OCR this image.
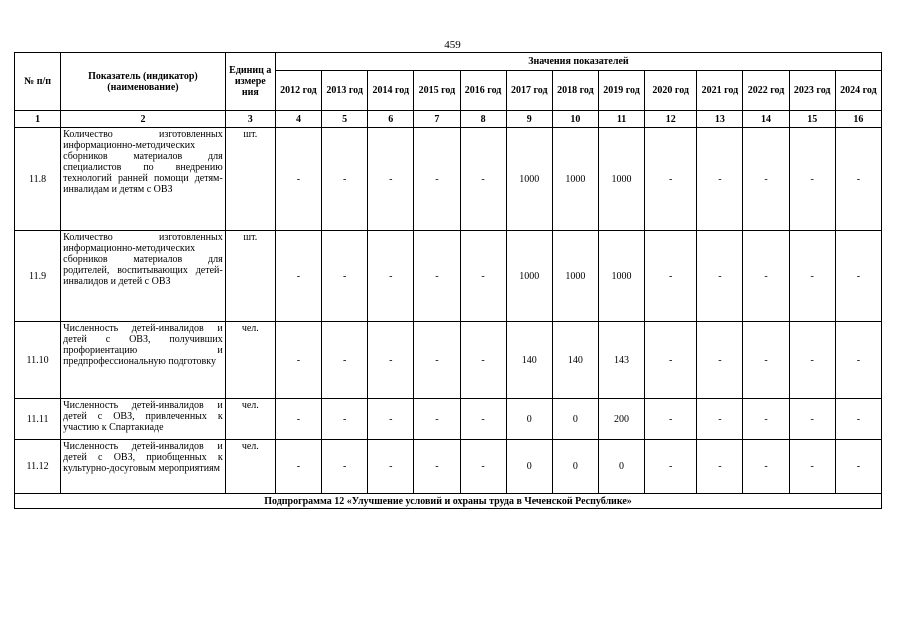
459
№ п/п	Показатель (индикатор) (наименование)	Единиц а измере ния	Значения показателей												
			2012 год	2013 год	2014 год	2015 год	2016 год	2017 год	2018 год	2019 год	2020 год	2021 год	2022 год	2023 год	2024 год
1	2	3	4	5	6	7	8	9	10	11	12	13	14	15	16
11.8	Количество изготовленных информационно-методических сборников материалов для специалистов по внедрению технологий ранней помощи детям-инвалидам и детям с ОВЗ	шт.	-	-	-	-	-	1000	1000	1000	-	-	-	-	-
11.9	Количество изготовленных информационно-методических сборников материалов для родителей, воспитывающих детей-инвалидов и детей с ОВЗ	шт.	-	-	-	-	-	1000	1000	1000	-	-	-	-	-
11.10	Численность детей-инвалидов и детей с ОВЗ, получивших профориентацию и предпрофессиональную подготовку	чел.	-	-	-	-	-	140	140	143	-	-	-	-	-
11.11	Численность детей-инвалидов и детей с ОВЗ, привлеченных к участию к Спартакиаде	чел.	-	-	-	-	-	0	0	200	-	-	-	-	-
11.12	Численность детей-инвалидов и детей с ОВЗ, приобщенных к культурно-досуговым мероприятиям	чел.	-	-	-	-	-	0	0	0	-	-	-	-	-
Подпрограмма 12 «Улучшение условий и охраны труда в Чеченской Республике»															
